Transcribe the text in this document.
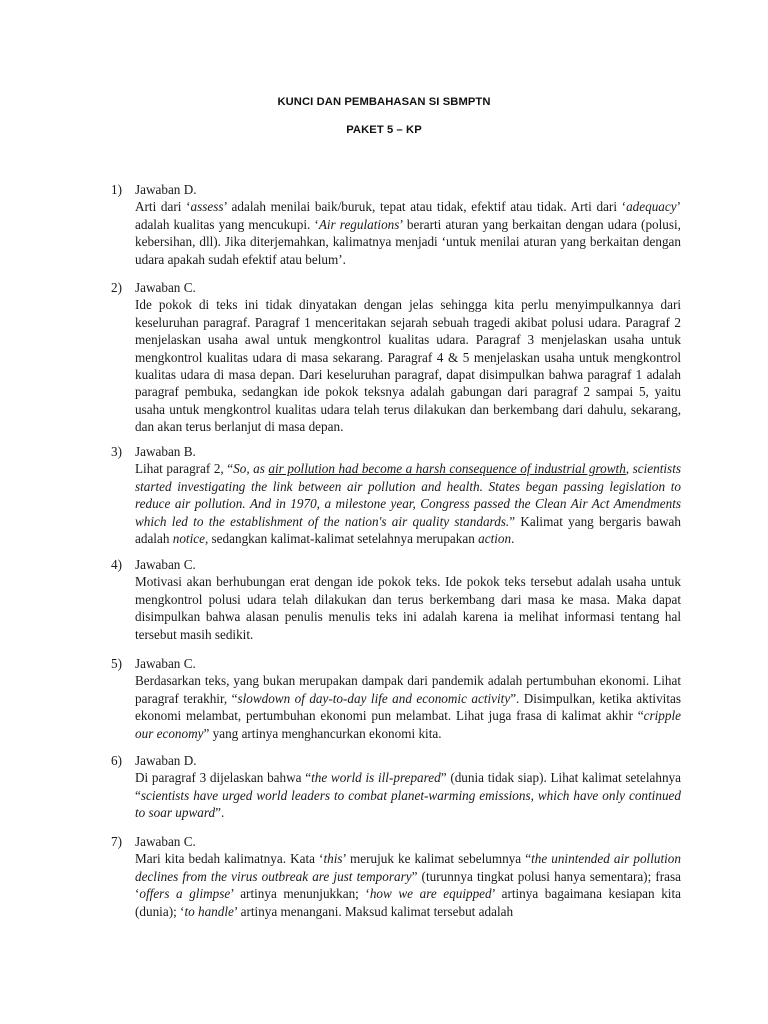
KUNCI DAN PEMBAHASAN SI SBMPTN
PAKET 5 – KP
1) Jawaban D.
Arti dari ‘assess’ adalah menilai baik/buruk, tepat atau tidak, efektif atau tidak. Arti dari ‘adequacy’ adalah kualitas yang mencukupi. ‘Air regulations’ berarti aturan yang berkaitan dengan udara (polusi, kebersihan, dll). Jika diterjemahkan, kalimatnya menjadi ‘untuk menilai aturan yang berkaitan dengan udara apakah sudah efektif atau belum’.
2) Jawaban C.
Ide pokok di teks ini tidak dinyatakan dengan jelas sehingga kita perlu menyimpulkannya dari keseluruhan paragraf. Paragraf 1 menceritakan sejarah sebuah tragedi akibat polusi udara. Paragraf 2 menjelaskan usaha awal untuk mengkontrol kualitas udara. Paragraf 3 menjelaskan usaha untuk mengkontrol kualitas udara di masa sekarang. Paragraf 4 & 5 menjelaskan usaha untuk mengkontrol kualitas udara di masa depan. Dari keseluruhan paragraf, dapat disimpulkan bahwa paragraf 1 adalah paragraf pembuka, sedangkan ide pokok teksnya adalah gabungan dari paragraf 2 sampai 5, yaitu usaha untuk mengkontrol kualitas udara telah terus dilakukan dan berkembang dari dahulu, sekarang, dan akan terus berlanjut di masa depan.
3) Jawaban B.
Lihat paragraf 2, “So, as air pollution had become a harsh consequence of industrial growth, scientists started investigating the link between air pollution and health. States began passing legislation to reduce air pollution. And in 1970, a milestone year, Congress passed the Clean Air Act Amendments which led to the establishment of the nation's air quality standards.” Kalimat yang bergaris bawah adalah notice, sedangkan kalimat-kalimat setelahnya merupakan action.
4) Jawaban C.
Motivasi akan berhubungan erat dengan ide pokok teks. Ide pokok teks tersebut adalah usaha untuk mengkontrol polusi udara telah dilakukan dan terus berkembang dari masa ke masa. Maka dapat disimpulkan bahwa alasan penulis menulis teks ini adalah karena ia melihat informasi tentang hal tersebut masih sedikit.
5) Jawaban C.
Berdasarkan teks, yang bukan merupakan dampak dari pandemik adalah pertumbuhan ekonomi. Lihat paragraf terakhir, “slowdown of day-to-day life and economic activity”. Disimpulkan, ketika aktivitas ekonomi melambat, pertumbuhan ekonomi pun melambat. Lihat juga frasa di kalimat akhir “cripple our economy” yang artinya menghancurkan ekonomi kita.
6) Jawaban D.
Di paragraf 3 dijelaskan bahwa “the world is ill-prepared” (dunia tidak siap). Lihat kalimat setelahnya “scientists have urged world leaders to combat planet-warming emissions, which have only continued to soar upward”.
7) Jawaban C.
Mari kita bedah kalimatnya. Kata ‘this’ merujuk ke kalimat sebelumnya “the unintended air pollution declines from the virus outbreak are just temporary” (turunnya tingkat polusi hanya sementara); frasa ‘offers a glimpse’ artinya menunjukkan; ‘how we are equipped’ artinya bagaimana kesiapan kita (dunia); ‘to handle’ artinya menangani. Maksud kalimat tersebut adalah
